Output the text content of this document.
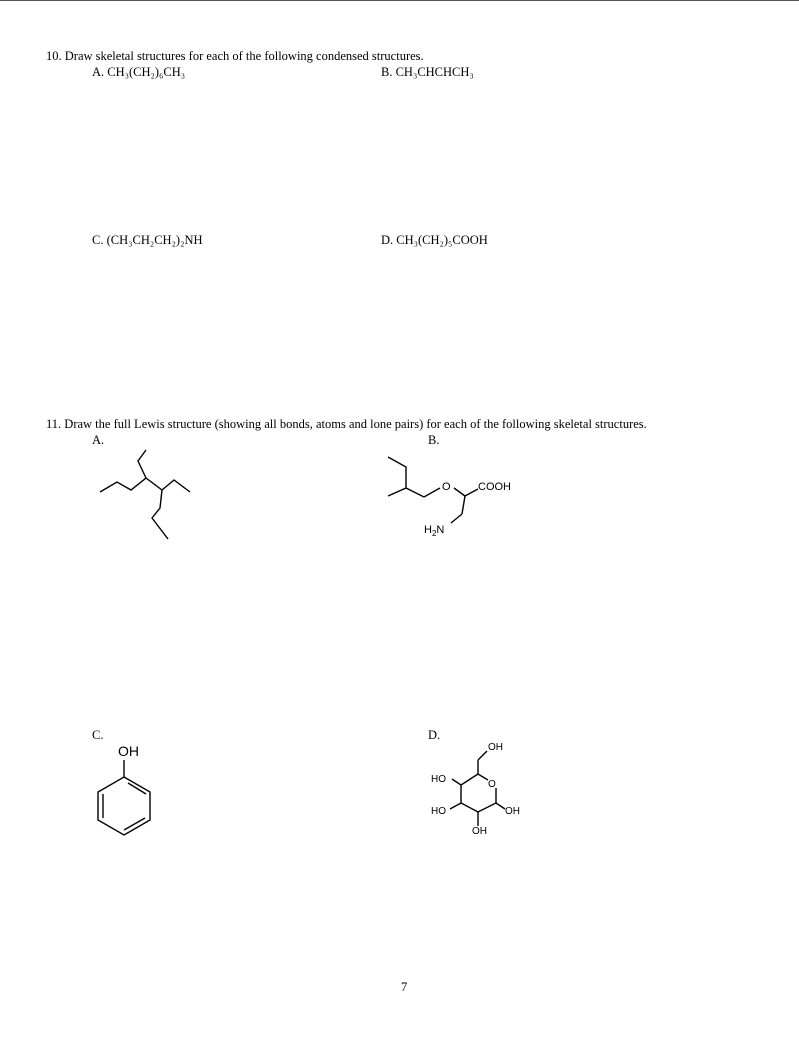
10. Draw skeletal structures for each of the following condensed structures.
A. CH₃(CH₂)₆CH₃	B. CH₃CHCHCH₃
C. (CH₃CH₂CH₂)₂NH	D. CH₃(CH₂)₅COOH
11. Draw the full Lewis structure (showing all bonds, atoms and lone pairs) for each of the following skeletal structures.
A.	B.
O COOH
$H_2N$
C.
OH
D.
OH
O
HO
HO	OH
OH
7
